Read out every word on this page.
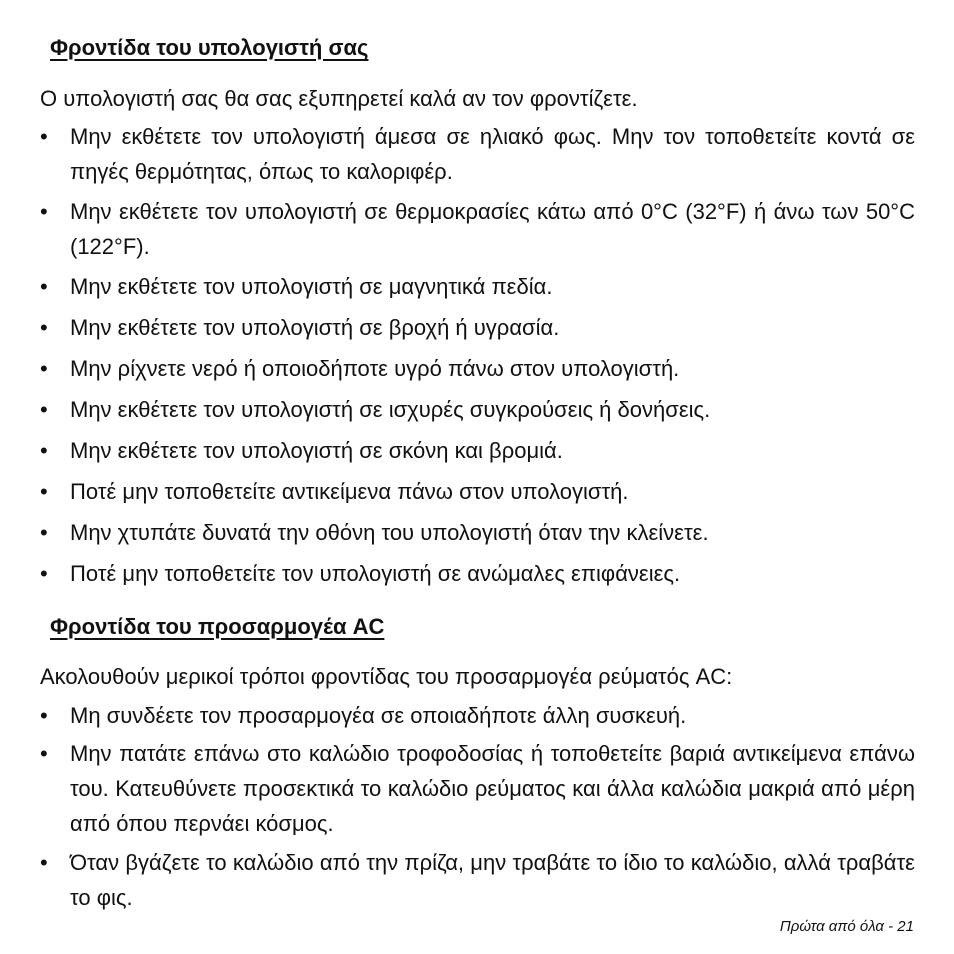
Φροντίδα του υπολογιστή σας

Ο υπολογιστή σας θα σας εξυπηρετεί καλά αν τον φροντίζετε.

• Μην εκθέτετε τον υπολογιστή άμεσα σε ηλιακό φως. Μην τον τοποθετείτε κοντά σε πηγές θερμότητας, όπως το καλοριφέρ.
• Μην εκθέτετε τον υπολογιστή σε θερμοκρασίες κάτω από 0°C (32°F) ή άνω των 50°C (122°F).
• Μην εκθέτετε τον υπολογιστή σε μαγνητικά πεδία.
• Μην εκθέτετε τον υπολογιστή σε βροχή ή υγρασία.
• Μην ρίχνετε νερό ή οποιοδήποτε υγρό πάνω στον υπολογιστή.
• Μην εκθέτετε τον υπολογιστή σε ισχυρές συγκρούσεις ή δονήσεις.
• Μην εκθέτετε τον υπολογιστή σε σκόνη και βρομιά.
• Ποτέ μην τοποθετείτε αντικείμενα πάνω στον υπολογιστή.
• Μην χτυπάτε δυνατά την οθόνη του υπολογιστή όταν την κλείνετε.
• Ποτέ μην τοποθετείτε τον υπολογιστή σε ανώμαλες επιφάνειες.
Φροντίδα του προσαρμογέα AC

Ακολουθούν μερικοί τρόποι φροντίδας του προσαρμογέα ρεύματός AC:

• Μη συνδέετε τον προσαρμογέα σε οποιαδήποτε άλλη συσκευή.
• Μην πατάτε επάνω στο καλώδιο τροφοδοσίας ή τοποθετείτε βαριά αντικείμενα επάνω του. Κατευθύνετε προσεκτικά το καλώδιο ρεύματος και άλλα καλώδια μακριά από μέρη από όπου περνάει κόσμος.
• Όταν βγάζετε το καλώδιο από την πρίζα, μην τραβάτε το ίδιο το καλώδιο, αλλά τραβάτε το φις.
Πρώτα από όλα - 21
